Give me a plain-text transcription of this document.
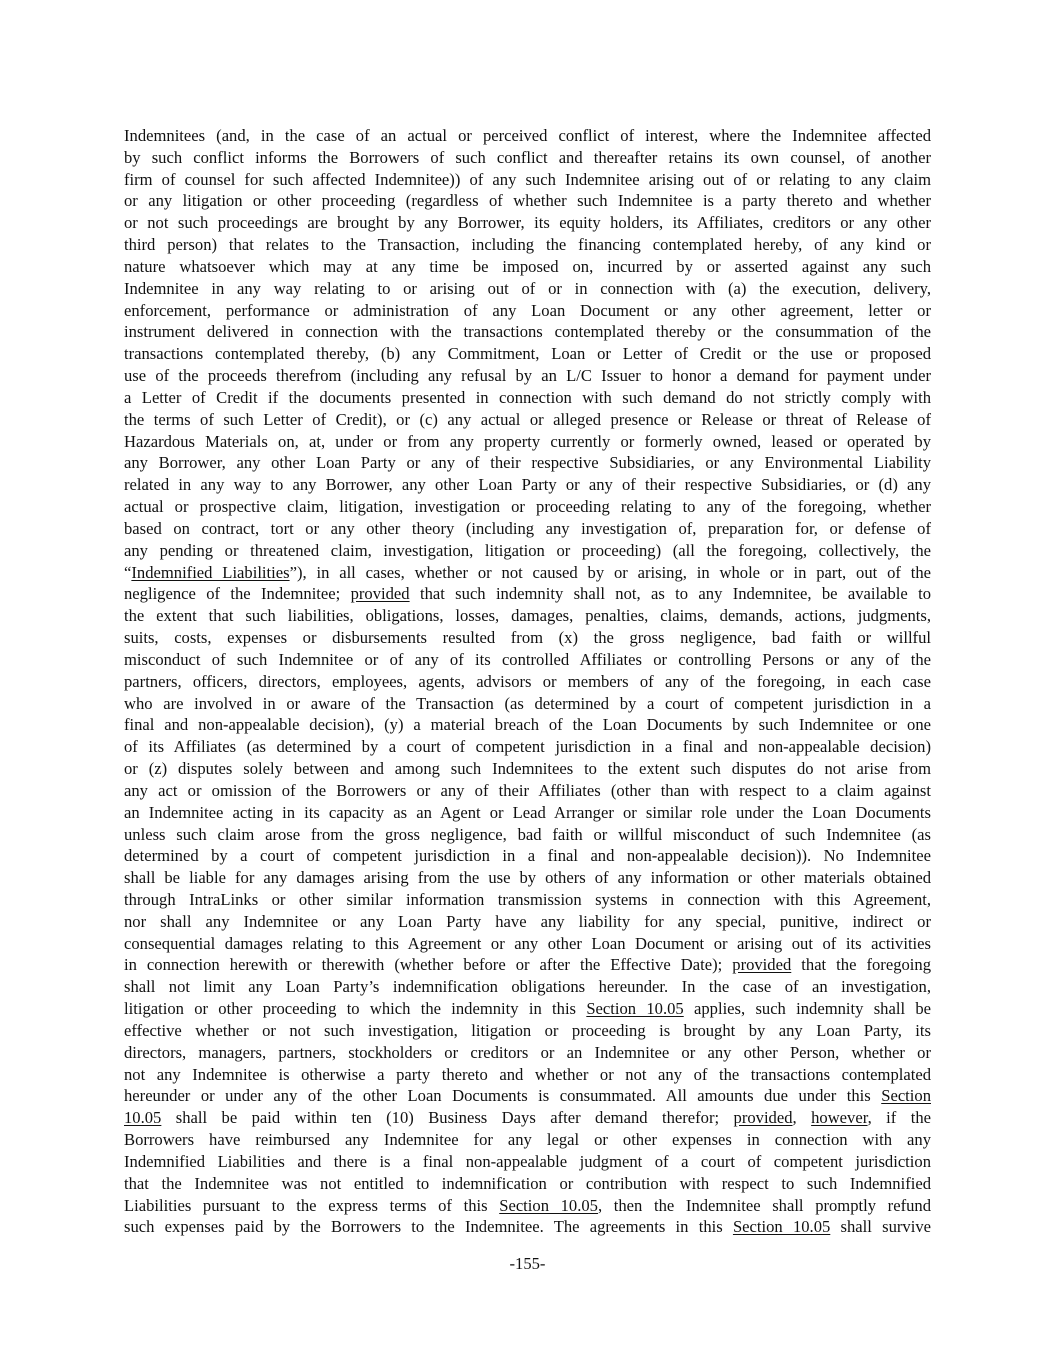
Indemnitees (and, in the case of an actual or perceived conflict of interest, where the Indemnitee affected
by such conflict informs the Borrowers of such conflict and thereafter retains its own counsel, of another
firm of counsel for such affected Indemnitee)) of any such Indemnitee arising out of or relating to any claim
or any litigation or other proceeding (regardless of whether such Indemnitee is a party thereto and whether
or not such proceedings are brought by any Borrower, its equity holders, its Affiliates, creditors or any other
third person) that relates to the Transaction, including the financing contemplated hereby, of any kind or
nature whatsoever which may at any time be imposed on, incurred by or asserted against any such
Indemnitee in any way relating to or arising out of or in connection with (a) the execution, delivery,
enforcement, performance or administration of any Loan Document or any other agreement, letter or
instrument delivered in connection with the transactions contemplated thereby or the consummation of the
transactions contemplated thereby, (b) any Commitment, Loan or Letter of Credit or the use or proposed
use of the proceeds therefrom (including any refusal by an L/C Issuer to honor a demand for payment under
a Letter of Credit if the documents presented in connection with such demand do not strictly comply with
the terms of such Letter of Credit), or (c) any actual or alleged presence or Release or threat of Release of
Hazardous Materials on, at, under or from any property currently or formerly owned, leased or operated by
any Borrower, any other Loan Party or any of their respective Subsidiaries, or any Environmental Liability
related in any way to any Borrower, any other Loan Party or any of their respective Subsidiaries, or (d) any
actual or prospective claim, litigation, investigation or proceeding relating to any of the foregoing, whether
based on contract, tort or any other theory (including any investigation of, preparation for, or defense of
any pending or threatened claim, investigation, litigation or proceeding) (all the foregoing, collectively, the
“Indemnified Liabilities”), in all cases, whether or not caused by or arising, in whole or in part, out of the
negligence of the Indemnitee; provided that such indemnity shall not, as to any Indemnitee, be available to
the extent that such liabilities, obligations, losses, damages, penalties, claims, demands, actions, judgments,
suits, costs, expenses or disbursements resulted from (x) the gross negligence, bad faith or willful
misconduct of such Indemnitee or of any of its controlled Affiliates or controlling Persons or any of the
partners, officers, directors, employees, agents, advisors or members of any of the foregoing, in each case
who are involved in or aware of the Transaction (as determined by a court of competent jurisdiction in a
final and non-appealable decision), (y) a material breach of the Loan Documents by such Indemnitee or one
of its Affiliates (as determined by a court of competent jurisdiction in a final and non-appealable decision)
or (z) disputes solely between and among such Indemnitees to the extent such disputes do not arise from
any act or omission of the Borrowers or any of their Affiliates (other than with respect to a claim against
an Indemnitee acting in its capacity as an Agent or Lead Arranger or similar role under the Loan Documents
unless such claim arose from the gross negligence, bad faith or willful misconduct of such Indemnitee (as
determined by a court of competent jurisdiction in a final and non-appealable decision)). No Indemnitee
shall be liable for any damages arising from the use by others of any information or other materials obtained
through IntraLinks or other similar information transmission systems in connection with this Agreement,
nor shall any Indemnitee or any Loan Party have any liability for any special, punitive, indirect or
consequential damages relating to this Agreement or any other Loan Document or arising out of its activities
in connection herewith or therewith (whether before or after the Effective Date); provided that the foregoing
shall not limit any Loan Party’s indemnification obligations hereunder. In the case of an investigation,
litigation or other proceeding to which the indemnity in this Section 10.05 applies, such indemnity shall be
effective whether or not such investigation, litigation or proceeding is brought by any Loan Party, its
directors, managers, partners, stockholders or creditors or an Indemnitee or any other Person, whether or
not any Indemnitee is otherwise a party thereto and whether or not any of the transactions contemplated
hereunder or under any of the other Loan Documents is consummated. All amounts due under this Section
10.05 shall be paid within ten (10) Business Days after demand therefor; provided, however, if the
Borrowers have reimbursed any Indemnitee for any legal or other expenses in connection with any
Indemnified Liabilities and there is a final non-appealable judgment of a court of competent jurisdiction
that the Indemnitee was not entitled to indemnification or contribution with respect to such Indemnified
Liabilities pursuant to the express terms of this Section 10.05, then the Indemnitee shall promptly refund
such expenses paid by the Borrowers to the Indemnitee. The agreements in this Section 10.05 shall survive
-155-
